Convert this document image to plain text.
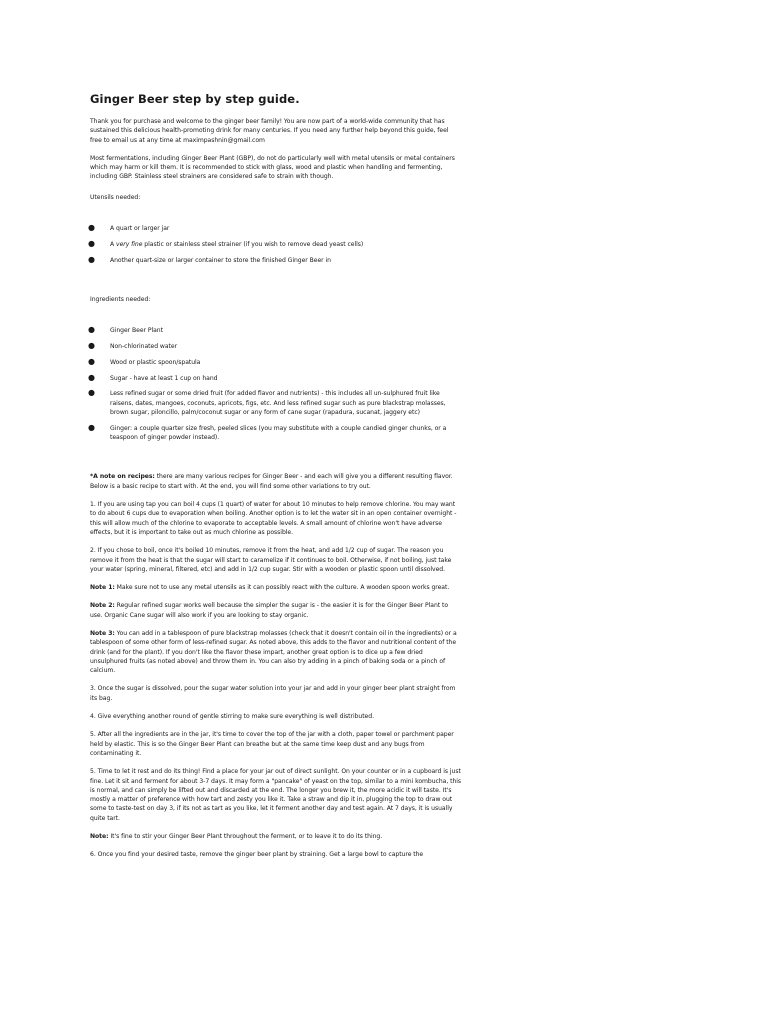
Ginger Beer step by step guide.

Thank you for purchase and welcome to the ginger beer family! You are now part of a world-wide community that has sustained this delicious health-promoting drink for many centuries. If you need any further help beyond this guide, feel free to email us at any time at maximpashnin@gmail.com

Most fermentations, including Ginger Beer Plant (GBP), do not do particularly well with metal utensils or metal containers which may harm or kill them. It is recommended to stick with glass, wood and plastic when handling and fermenting, including GBP. Stainless steel strainers are considered safe to strain with though.

Utensils needed:

● A quart or larger jar
● A very fine plastic or stainless steel strainer (if you wish to remove dead yeast cells)
● Another quart-size or larger container to store the finished Ginger Beer in

Ingredients needed:

● Ginger Beer Plant
● Non-chlorinated water
● Wood or plastic spoon/spatula
● Sugar - have at least 1 cup on hand
● Less refined sugar or some dried fruit (for added flavor and nutrients) - this includes all un-sulphured fruit like raisens, dates, mangoes, coconuts, apricots, figs, etc. And less refined sugar such as pure blackstrap molasses, brown sugar, piloncillo, palm/coconut sugar or any form of cane sugar (rapadura, sucanat, jaggery etc)
● Ginger: a couple quarter size fresh, peeled slices (you may substitute with a couple candied ginger chunks, or a teaspoon of ginger powder instead).

*A note on recipes: there are many various recipes for Ginger Beer - and each will give you a different resulting flavor. Below is a basic recipe to start with. At the end, you will find some other variations to try out.

1. If you are using tap you can boil 4 cups (1 quart) of water for about 10 minutes to help remove chlorine. You may want to do about 6 cups due to evaporation when boiling. Another option is to let the water sit in an open container overnight - this will allow much of the chlorine to evaporate to acceptable levels. A small amount of chlorine won't have adverse effects, but it is important to take out as much chlorine as possible.

2. If you chose to boil, once it's boiled 10 minutes, remove it from the heat, and add 1/2 cup of sugar. The reason you remove it from the heat is that the sugar will start to caramelize if it continues to boil. Otherwise, if not boiling, just take your water (spring, mineral, filtered, etc) and add in 1/2 cup sugar. Stir with a wooden or plastic spoon until dissolved.

Note 1: Make sure not to use any metal utensils as it can possibly react with the culture. A wooden spoon works great.

Note 2: Regular refined sugar works well because the simpler the sugar is - the easier it is for the Ginger Beer Plant to use. Organic Cane sugar will also work if you are looking to stay organic.

Note 3: You can add in a tablespoon of pure blackstrap molasses (check that it doesn't contain oil in the ingredients) or a tablespoon of some other form of less-refined sugar. As noted above, this adds to the flavor and nutritional content of the drink (and for the plant). If you don't like the flavor these impart, another great option is to dice up a few dried unsulphured fruits (as noted above) and throw them in. You can also try adding in a pinch of baking soda or a pinch of calcium.

3. Once the sugar is dissolved, pour the sugar water solution into your jar and add in your ginger beer plant straight from its bag.

4. Give everything another round of gentle stirring to make sure everything is well distributed.

5. After all the ingredients are in the jar, it's time to cover the top of the jar with a cloth, paper towel or parchment paper held by elastic. This is so the Ginger Beer Plant can breathe but at the same time keep dust and any bugs from contaminating it.

5. Time to let it rest and do its thing! Find a place for your jar out of direct sunlight. On your counter or in a cupboard is just fine. Let it sit and ferment for about 3-7 days. It may form a "pancake" of yeast on the top, similar to a mini kombucha, this is normal, and can simply be lifted out and discarded at the end. The longer you brew it, the more acidic it will taste. It's mostly a matter of preference with how tart and zesty you like it. Take a straw and dip it in, plugging the top to draw out some to taste-test on day 3, if its not as tart as you like, let it ferment another day and test again. At 7 days, it is usually quite tart.

Note: It's fine to stir your Ginger Beer Plant throughout the ferment, or to leave it to do its thing.

6. Once you find your desired taste, remove the ginger beer plant by straining. Get a large bowl to capture the
